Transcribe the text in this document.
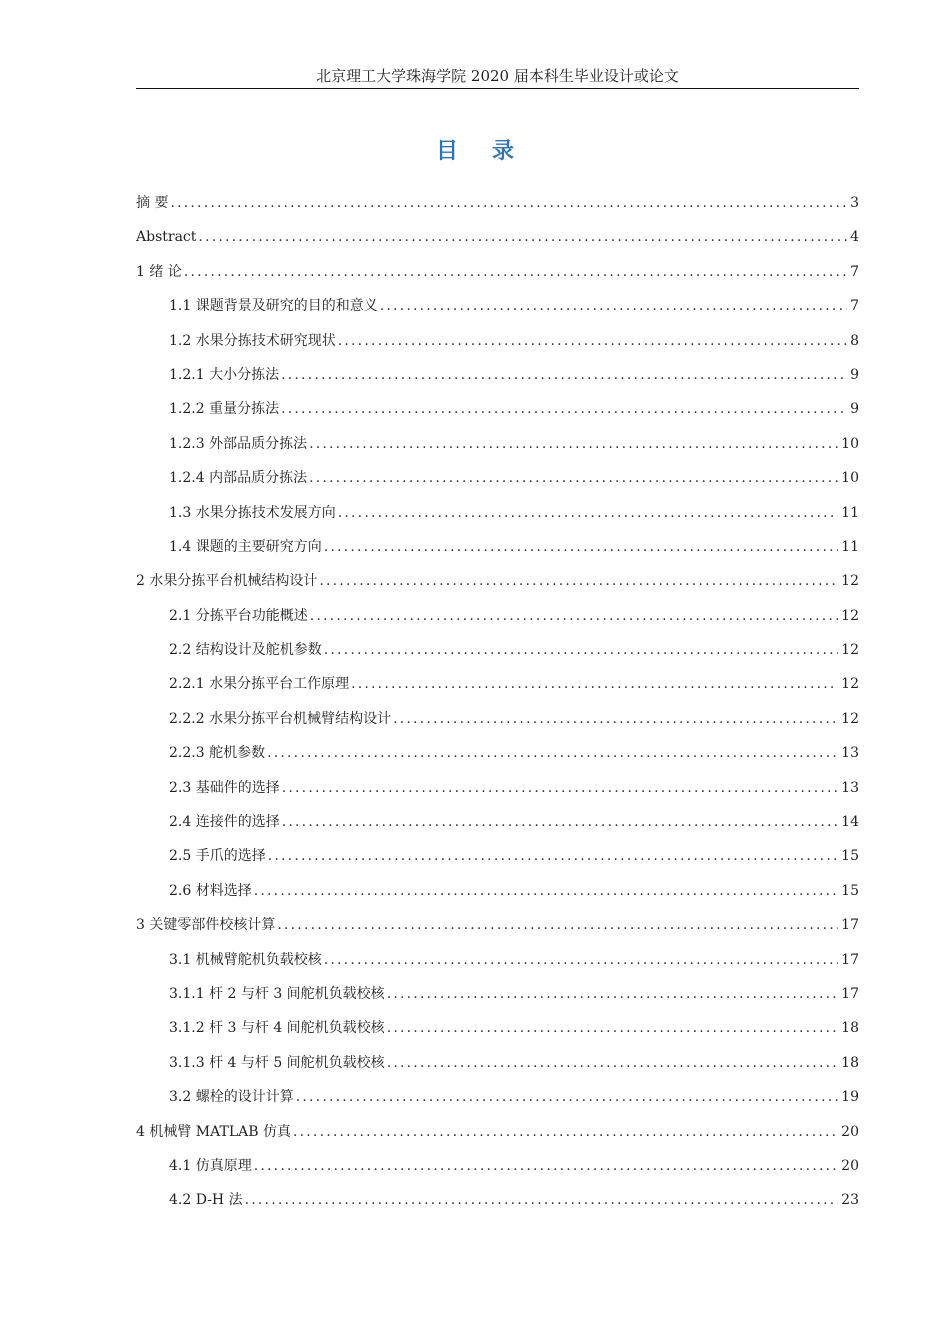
北京理工大学珠海学院 2020 届本科生毕业设计或论文
目 录
摘 要 .....	3
Abstract .....	4
1 绪 论 .....	7
1.1 课题背景及研究的目的和意义 .....	7
1.2 水果分拣技术研究现状 .....	8
1.2.1 大小分拣法 .....	9
1.2.2 重量分拣法 .....	9
1.2.3 外部品质分拣法 .....	10
1.2.4 内部品质分拣法 .....	10
1.3 水果分拣技术发展方向 .....	11
1.4 课题的主要研究方向 .....	11
2 水果分拣平台机械结构设计 .....	12
2.1 分拣平台功能概述 .....	12
2.2 结构设计及舵机参数 .....	12
2.2.1 水果分拣平台工作原理 .....	12
2.2.2 水果分拣平台机械臂结构设计 .....	12
2.2.3 舵机参数 .....	13
2.3 基础件的选择 .....	13
2.4 连接件的选择 .....	14
2.5 手爪的选择 .....	15
2.6 材料选择 .....	15
3 关键零部件校核计算 .....	17
3.1 机械臂舵机负载校核 .....	17
3.1.1 杆 2 与杆 3 间舵机负载校核 .....	17
3.1.2 杆 3 与杆 4 间舵机负载校核 .....	18
3.1.3 杆 4 与杆 5 间舵机负载校核 .....	18
3.2 螺栓的设计计算 .....	19
4 机械臂 MATLAB 仿真 .....	20
4.1 仿真原理 .....	20
4.2 D-H 法 .....	23
